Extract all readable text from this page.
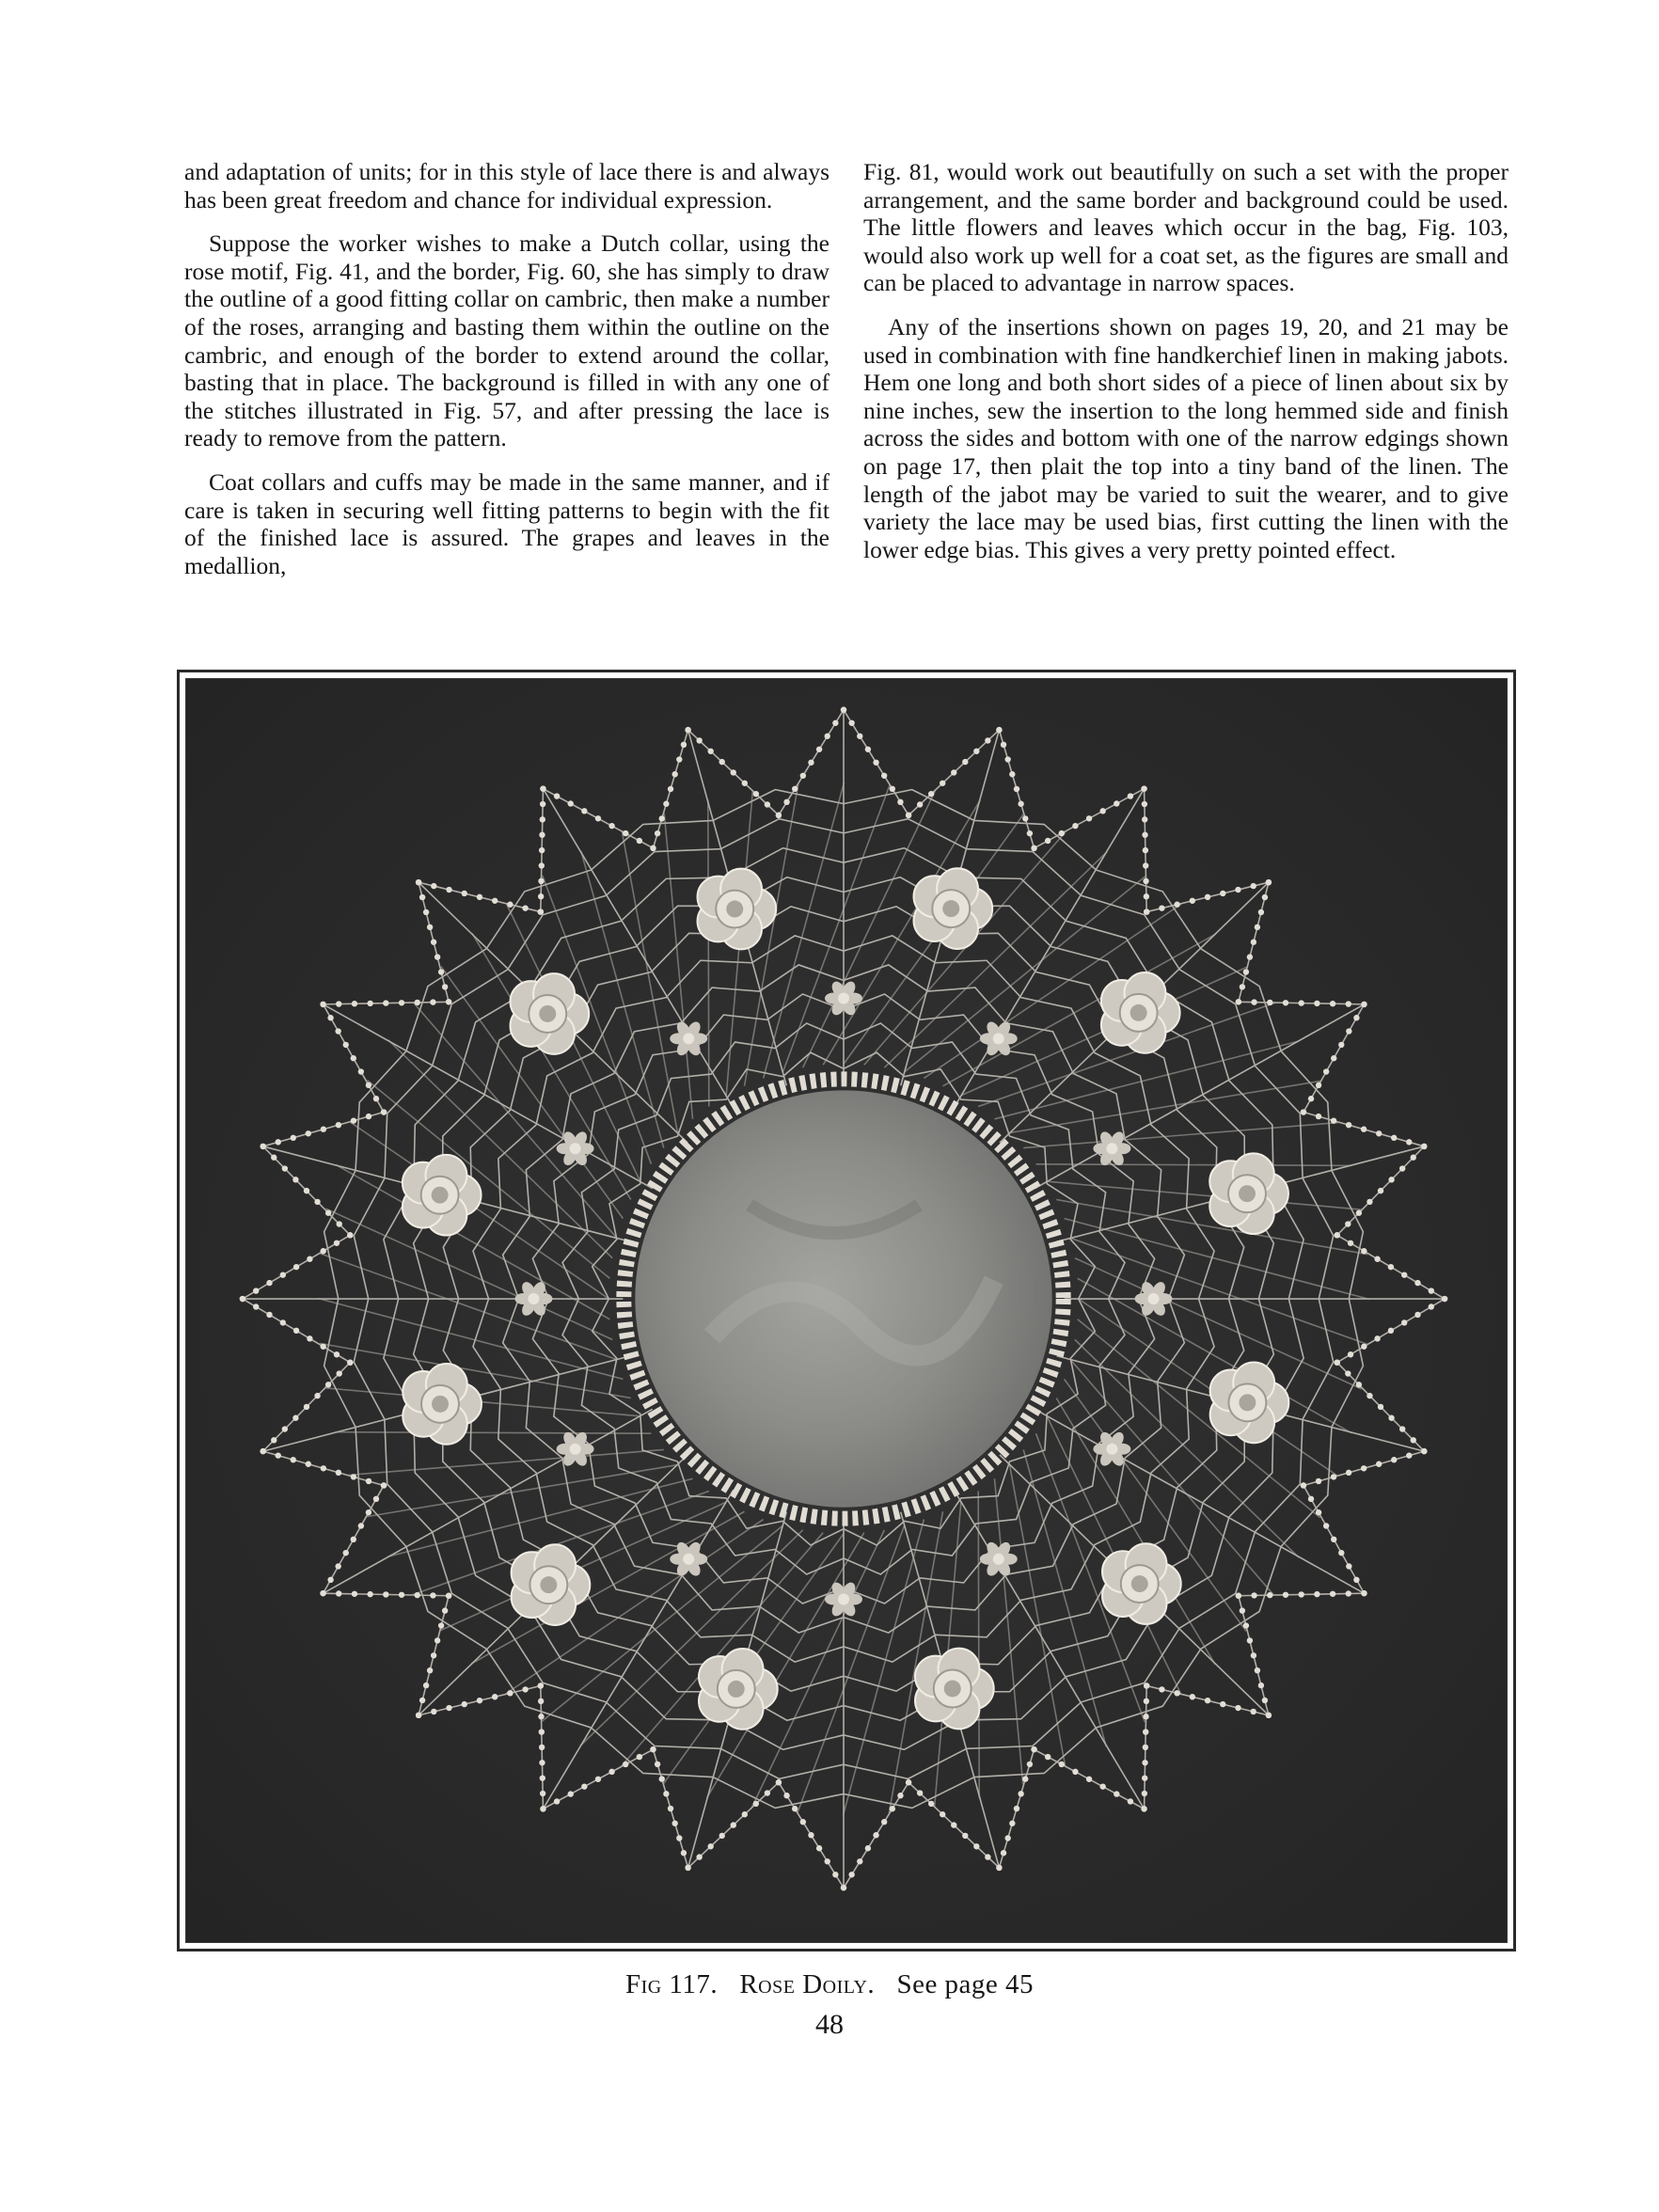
and adaptation of units; for in this style of lace there is and always has been great freedom and chance for individual expression.

Suppose the worker wishes to make a Dutch collar, using the rose motif, Fig. 41, and the border, Fig. 60, she has simply to draw the outline of a good fitting collar on cambric, then make a number of the roses, arranging and basting them within the outline on the cambric, and enough of the border to extend around the collar, basting that in place. The background is filled in with any one of the stitches illustrated in Fig. 57, and after pressing the lace is ready to remove from the pattern.

Coat collars and cuffs may be made in the same manner, and if care is taken in securing well fitting patterns to begin with the fit of the finished lace is assured. The grapes and leaves in the medallion,

Fig. 81, would work out beautifully on such a set with the proper arrangement, and the same border and background could be used. The little flowers and leaves which occur in the bag, Fig. 103, would also work up well for a coat set, as the figures are small and can be placed to advantage in narrow spaces.

Any of the insertions shown on pages 19, 20, and 21 may be used in combination with fine handkerchief linen in making jabots. Hem one long and both short sides of a piece of linen about six by nine inches, sew the insertion to the long hemmed side and finish across the sides and bottom with one of the narrow edgings shown on page 17, then plait the top into a tiny band of the linen. The length of the jabot may be varied to suit the wearer, and to give variety the lace may be used bias, first cutting the linen with the lower edge bias. This gives a very pretty pointed effect.

Fig 117. Rose Doily. See page 45
48
